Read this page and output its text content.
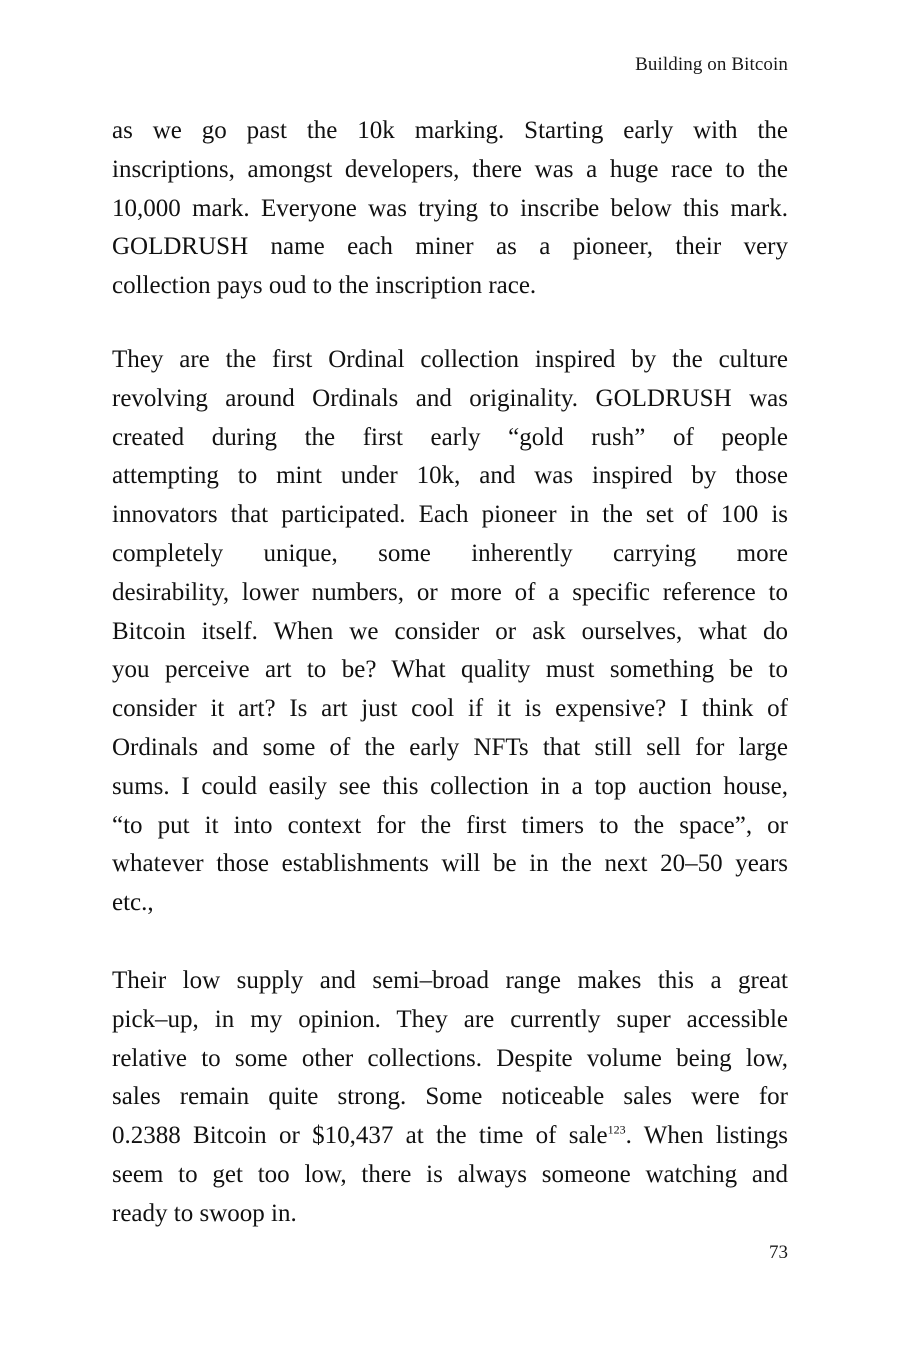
Building on Bitcoin
as we go past the 10k marking. Starting early with the
inscriptions, amongst developers, there was a huge race to the
10,000 mark. Everyone was trying to inscribe below this mark.
GOLDRUSH name each miner as a pioneer, their very
collection pays oud to the inscription race.
They are the first Ordinal collection inspired by the culture
revolving around Ordinals and originality. GOLDRUSH was
created during the first early “gold rush” of people
attempting to mint under 10k, and was inspired by those
innovators that participated. Each pioneer in the set of 100 is
completely unique, some inherently carrying more
desirability, lower numbers, or more of a specific reference to
Bitcoin itself. When we consider or ask ourselves, what do
you perceive art to be? What quality must something be to
consider it art? Is art just cool if it is expensive? I think of
Ordinals and some of the early NFTs that still sell for large
sums. I could easily see this collection in a top auction house,
“to put it into context for the first timers to the space”, or
whatever those establishments will be in the next 20–50 years
etc.,
Their low supply and semi–broad range makes this a great
pick–up, in my opinion. They are currently super accessible
relative to some other collections. Despite volume being low,
sales remain quite strong. Some noticeable sales were for
0.2388 Bitcoin or $10,437 at the time of sale$^{123}$. When listings
seem to get too low, there is always someone watching and
ready to swoop in.
73
